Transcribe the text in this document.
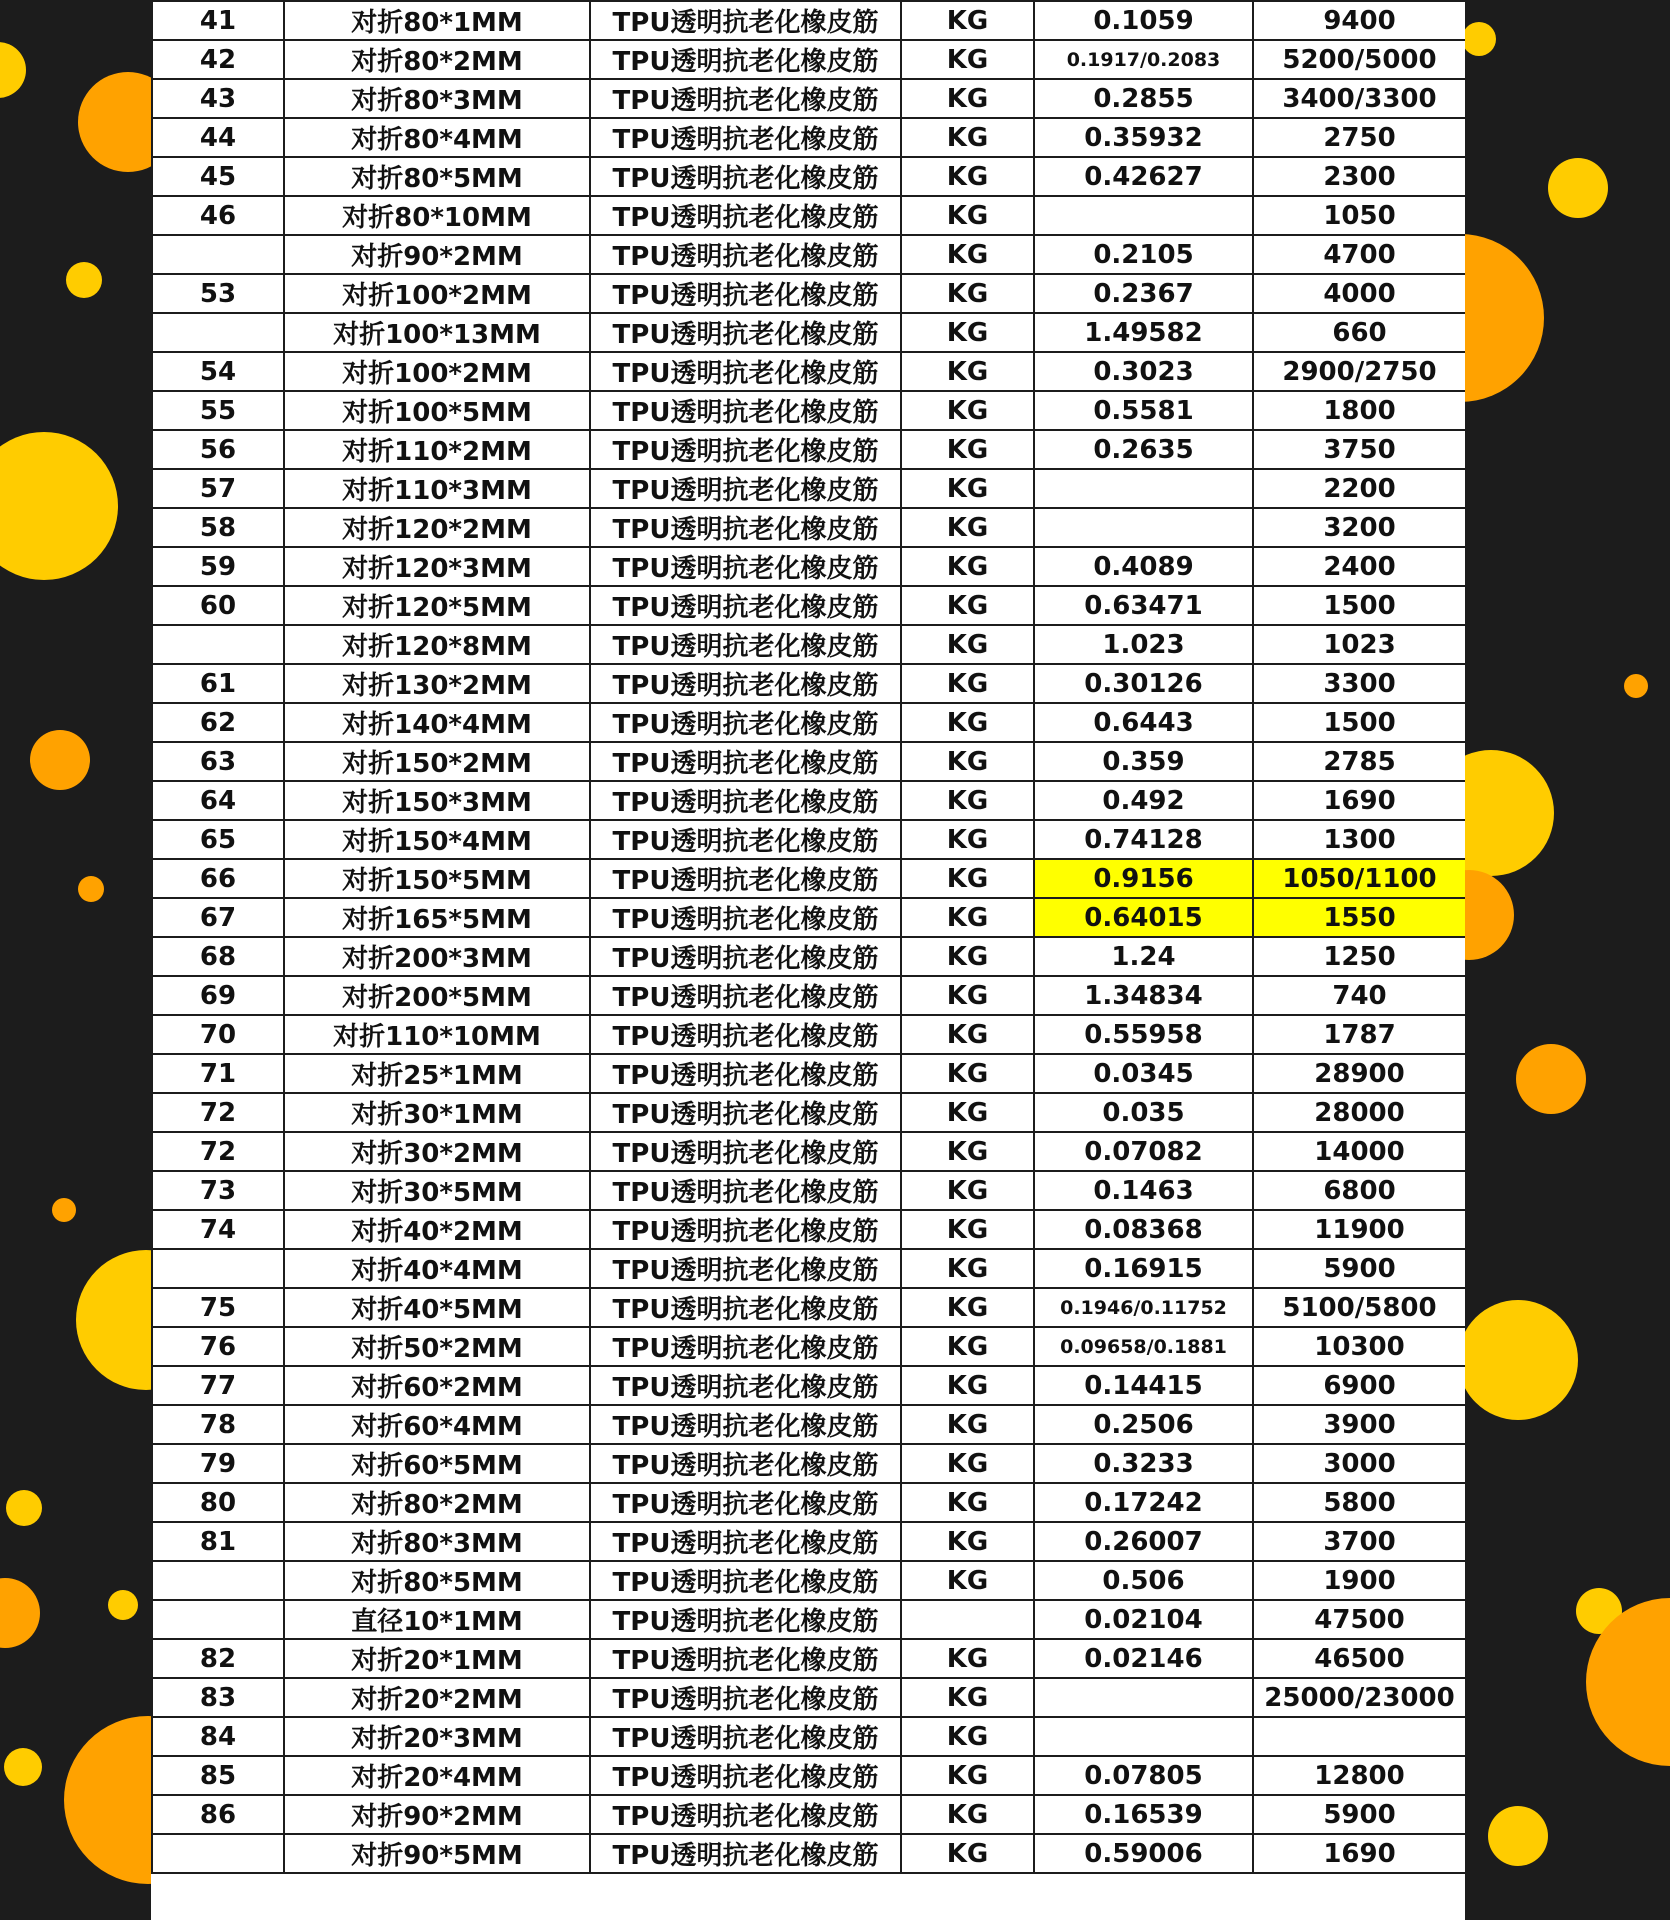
41	对折80*1MM	TPU透明抗老化橡皮筋	KG	0.1059	9400
42	对折80*2MM	TPU透明抗老化橡皮筋	KG	0.1917/0.2083	5200/5000
43	对折80*3MM	TPU透明抗老化橡皮筋	KG	0.2855	3400/3300
44	对折80*4MM	TPU透明抗老化橡皮筋	KG	0.35932	2750
45	对折80*5MM	TPU透明抗老化橡皮筋	KG	0.42627	2300
46	对折80*10MM	TPU透明抗老化橡皮筋	KG		1050
	对折90*2MM	TPU透明抗老化橡皮筋	KG	0.2105	4700
53	对折100*2MM	TPU透明抗老化橡皮筋	KG	0.2367	4000
	对折100*13MM	TPU透明抗老化橡皮筋	KG	1.49582	660
54	对折100*2MM	TPU透明抗老化橡皮筋	KG	0.3023	2900/2750
55	对折100*5MM	TPU透明抗老化橡皮筋	KG	0.5581	1800
56	对折110*2MM	TPU透明抗老化橡皮筋	KG	0.2635	3750
57	对折110*3MM	TPU透明抗老化橡皮筋	KG		2200
58	对折120*2MM	TPU透明抗老化橡皮筋	KG		3200
59	对折120*3MM	TPU透明抗老化橡皮筋	KG	0.4089	2400
60	对折120*5MM	TPU透明抗老化橡皮筋	KG	0.63471	1500
	对折120*8MM	TPU透明抗老化橡皮筋	KG	1.023	1023
61	对折130*2MM	TPU透明抗老化橡皮筋	KG	0.30126	3300
62	对折140*4MM	TPU透明抗老化橡皮筋	KG	0.6443	1500
63	对折150*2MM	TPU透明抗老化橡皮筋	KG	0.359	2785
64	对折150*3MM	TPU透明抗老化橡皮筋	KG	0.492	1690
65	对折150*4MM	TPU透明抗老化橡皮筋	KG	0.74128	1300
66	对折150*5MM	TPU透明抗老化橡皮筋	KG	0.9156	1050/1100
67	对折165*5MM	TPU透明抗老化橡皮筋	KG	0.64015	1550
68	对折200*3MM	TPU透明抗老化橡皮筋	KG	1.24	1250
69	对折200*5MM	TPU透明抗老化橡皮筋	KG	1.34834	740
70	对折110*10MM	TPU透明抗老化橡皮筋	KG	0.55958	1787
71	对折25*1MM	TPU透明抗老化橡皮筋	KG	0.0345	28900
72	对折30*1MM	TPU透明抗老化橡皮筋	KG	0.035	28000
72	对折30*2MM	TPU透明抗老化橡皮筋	KG	0.07082	14000
73	对折30*5MM	TPU透明抗老化橡皮筋	KG	0.1463	6800
74	对折40*2MM	TPU透明抗老化橡皮筋	KG	0.08368	11900
	对折40*4MM	TPU透明抗老化橡皮筋	KG	0.16915	5900
75	对折40*5MM	TPU透明抗老化橡皮筋	KG	0.1946/0.11752	5100/5800
76	对折50*2MM	TPU透明抗老化橡皮筋	KG	0.09658/0.1881	10300
77	对折60*2MM	TPU透明抗老化橡皮筋	KG	0.14415	6900
78	对折60*4MM	TPU透明抗老化橡皮筋	KG	0.2506	3900
79	对折60*5MM	TPU透明抗老化橡皮筋	KG	0.3233	3000
80	对折80*2MM	TPU透明抗老化橡皮筋	KG	0.17242	5800
81	对折80*3MM	TPU透明抗老化橡皮筋	KG	0.26007	3700
	对折80*5MM	TPU透明抗老化橡皮筋	KG	0.506	1900
	直径10*1MM	TPU透明抗老化橡皮筋		0.02104	47500
82	对折20*1MM	TPU透明抗老化橡皮筋	KG	0.02146	46500
83	对折20*2MM	TPU透明抗老化橡皮筋	KG		25000/23000
84	对折20*3MM	TPU透明抗老化橡皮筋	KG		
85	对折20*4MM	TPU透明抗老化橡皮筋	KG	0.07805	12800
86	对折90*2MM	TPU透明抗老化橡皮筋	KG	0.16539	5900
	对折90*5MM	TPU透明抗老化橡皮筋	KG	0.59006	1690
